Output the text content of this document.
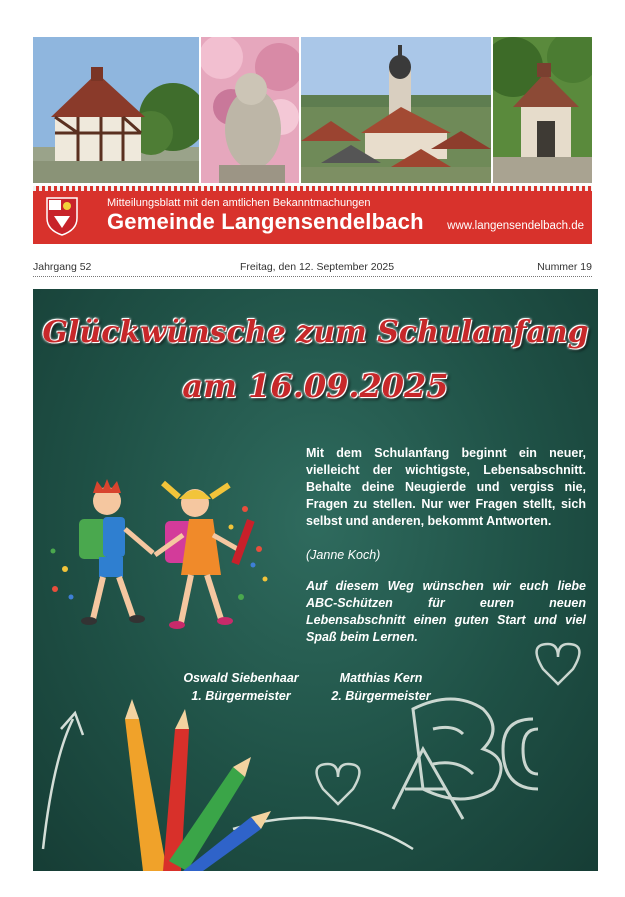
Mitteilungsblatt mit den amtlichen Bekanntmachungen
Gemeinde Langensendelbach www.langensendelbach.de
Jahrgang 52	Freitag, den 12. September 2025	Nummer 19
Glückwünsche zum Schulanfang
am 16.09.2025
Mit dem Schulanfang beginnt ein neuer, vielleicht der wichtigste, Lebensabschnitt. Behalte deine Neugierde und vergiss nie, Fragen zu stellen. Nur wer Fragen stellt, sich selbst und anderen, bekommt Antworten.
(Janne Koch)
Auf diesem Weg wünschen wir euch liebe ABC-Schützen für euren neuen Lebensabschnitt einen guten Start und viel Spaß beim Lernen.
Oswald Siebenhaar
1. Bürgermeister
Matthias Kern
2. Bürgermeister
